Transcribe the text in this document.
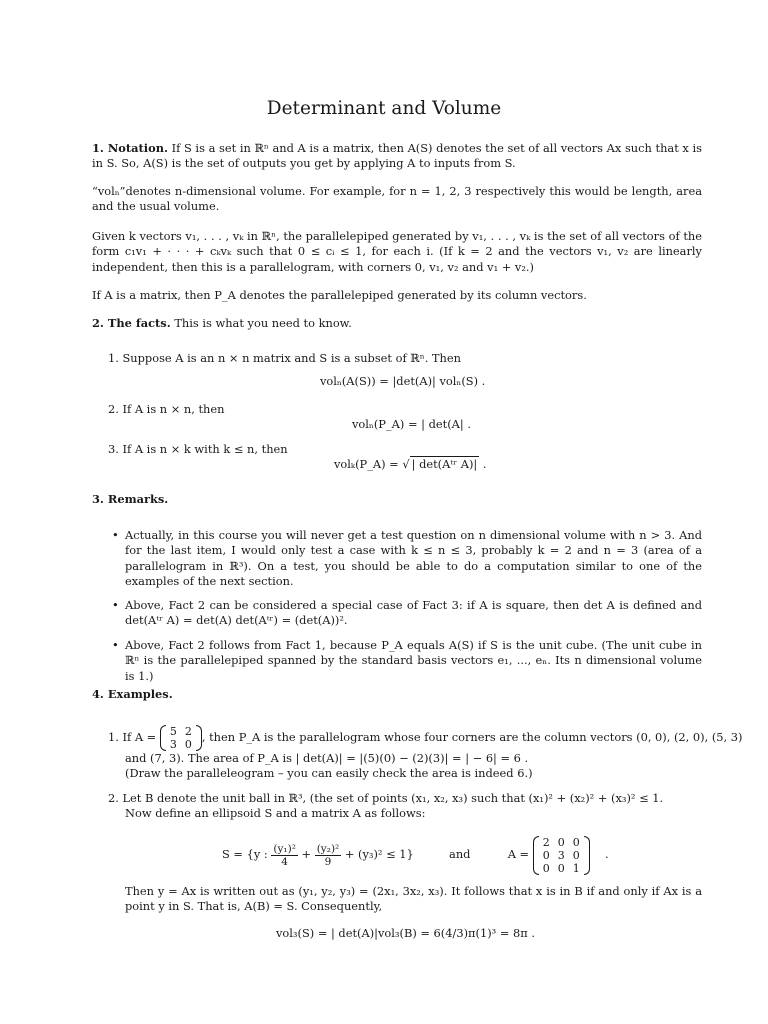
Determinant and Volume

1. Notation. If S is a set in ℝⁿ and A is a matrix, then A(S) denotes the set of all vectors Ax such that x is in S. So, A(S) is the set of outputs you get by applying A to inputs from S.

“volₙ”denotes n-dimensional volume. For example, for n = 1, 2, 3 respectively this would be length, area and the usual volume.

Given k vectors v₁, . . . , vₖ in ℝⁿ, the parallelepiped generated by v₁, . . . , vₖ is the set of all vectors of the form c₁v₁ + · · · + cₖvₖ such that 0 ≤ cᵢ ≤ 1, for each i. (If k = 2 and the vectors v₁, v₂ are linearly independent, then this is a parallelogram, with corners 0, v₁, v₂ and v₁ + v₂.)

If A is a matrix, then P_A denotes the parallelepiped generated by its column vectors.

2. The facts. This is what you need to know.

1. Suppose A is an n × n matrix and S is a subset of ℝⁿ. Then
volₙ(A(S)) = |det(A)| volₙ(S) .
2. If A is n × n, then
volₙ(P_A) = | det(A| .
3. If A is n × k with k ≤ n, then
volₖ(P_A) = √ | det(Aᵗʳ A)| .

3. Remarks.

• Actually, in this course you will never get a test question on n dimensional volume with n > 3. And for the last item, I would only test a case with k ≤ n ≤ 3, probably k = 2 and n = 3 (area of a parallelogram in ℝ³). On a test, you should be able to do a computation similar to one of the examples of the next section.
• Above, Fact 2 can be considered a special case of Fact 3: if A is square, then det A is defined and det(Aᵗʳ A) = det(A) det(Aᵗʳ) = (det(A))².
• Above, Fact 2 follows from Fact 1, because P_A equals A(S) if S is the unit cube. (The unit cube in ℝⁿ is the parallelepiped spanned by the standard basis vectors e₁, ..., eₙ. Its n dimensional volume is 1.)

4. Examples.

1. If A = 5	2
3	0
, then P_A is the parallelogram whose four corners are the column vectors (0, 0), (2, 0), (5, 3)
and (7, 3). The area of P_A is | det(A)| = |(5)(0) − (2)(3)| = | − 6| = 6 .
(Draw the paralleleogram – you can easily check the area is indeed 6.)
2. Let B denote the unit ball in ℝ³, (the set of points (x₁, x₂, x₃) such that (x₁)² + (x₂)² + (x₃)² ≤ 1.
Now define an ellipsoid S and a matrix A as follows:
S = {y : $\frac{\text{(y₁)²}}{4} + \frac{\text{(y₂)²}}{9} + (y_3)^2 \le 1$}	and	A =
2	0	0
0	3	0
0	0	1
.
Then y = Ax is written out as (y₁, y₂, y₃) = (2x₁, 3x₂, x₃). It follows that x is in B if and only if Ax is a point y in S. That is, A(B) = S. Consequently,
vol₃(S) = | det(A)|vol₃(B) = 6(4/3)π(1)³ = 8π .
